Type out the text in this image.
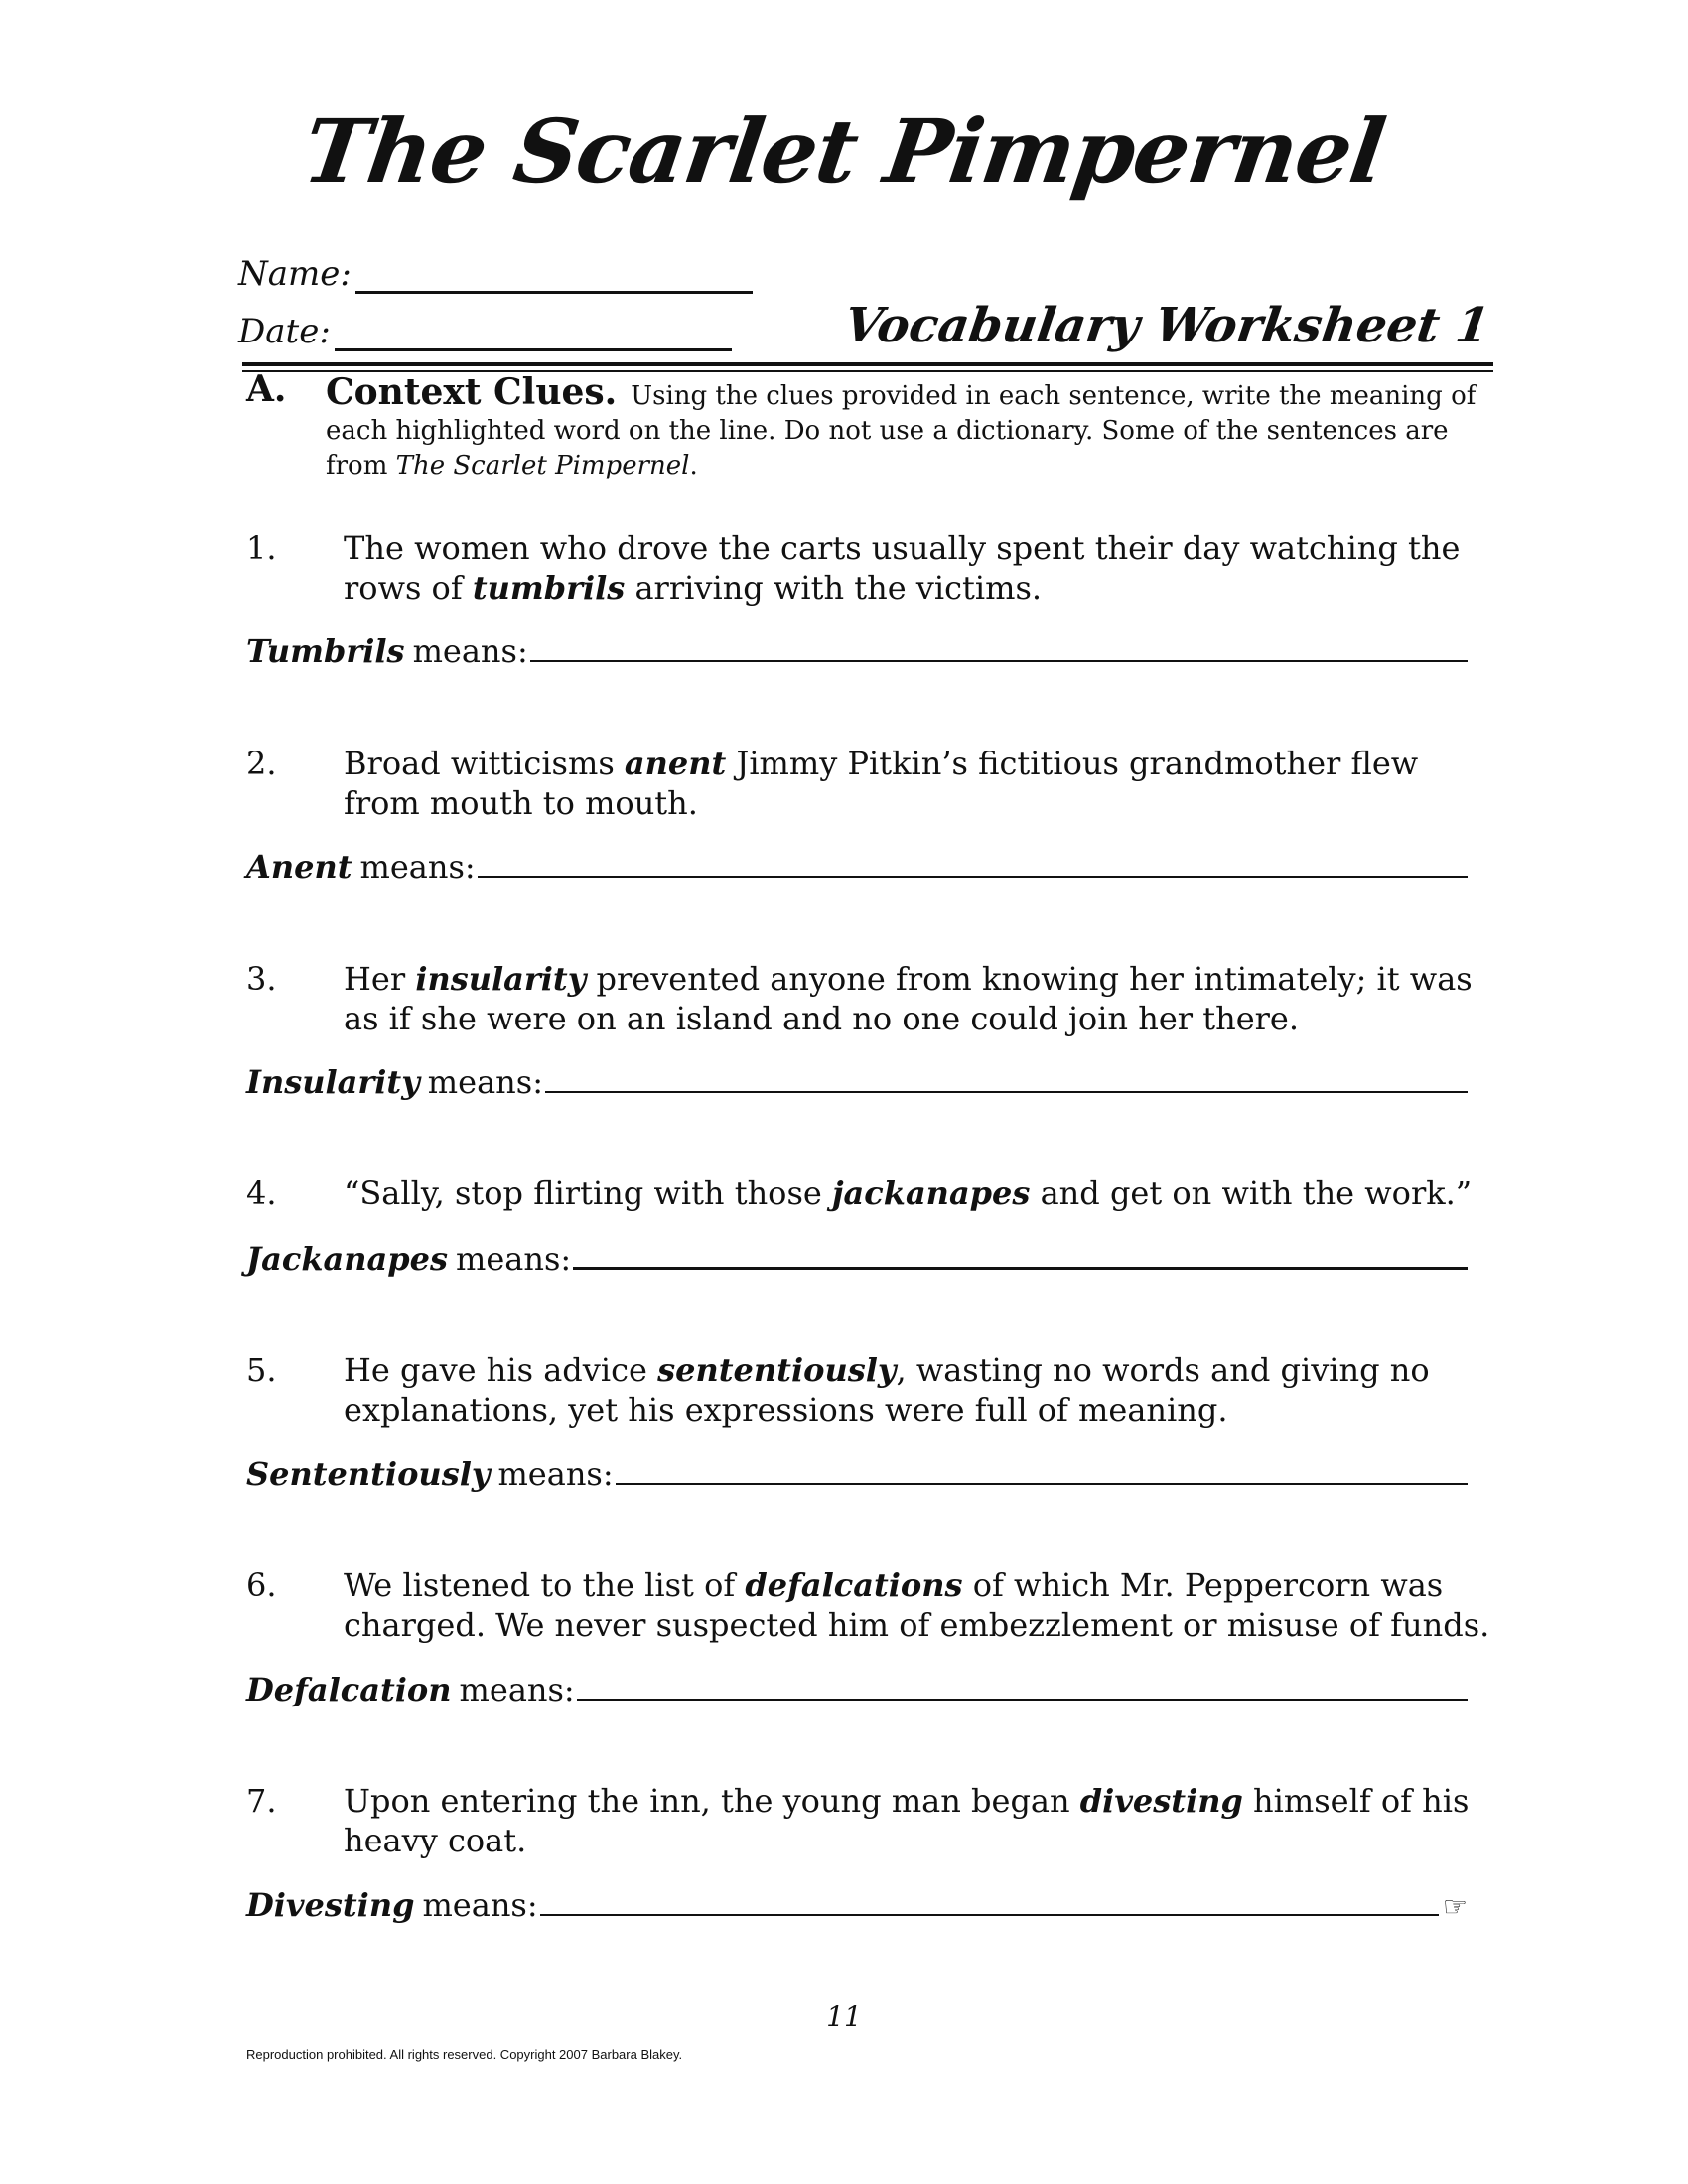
The Scarlet Pimpernel
Name:
Date:	Vocabulary Worksheet 1
A. Context Clues. Using the clues provided in each sentence, write the meaning of each highlighted word on the line. Do not use a dictionary. Some of the sentences are from The Scarlet Pimpernel.
1. The women who drove the carts usually spent their day watching the rows of tumbrils arriving with the victims.
Tumbrils means:
2. Broad witticisms anent Jimmy Pitkin’s fictitious grandmother flew from mouth to mouth.
Anent means:
3. Her insularity prevented anyone from knowing her intimately; it was as if she were on an island and no one could join her there.
Insularity means:
4. “Sally, stop flirting with those jackanapes and get on with the work.”
Jackanapes means:
5. He gave his advice sententiously, wasting no words and giving no explanations, yet his expressions were full of meaning.
Sententiously means:
6. We listened to the list of defalcations of which Mr. Peppercorn was charged. We never suspected him of embezzlement or misuse of funds.
Defalcation means:
7. Upon entering the inn, the young man began divesting himself of his heavy coat.
Divesting means:	☞
11
Reproduction prohibited. All rights reserved. Copyright 2007 Barbara Blakey.
